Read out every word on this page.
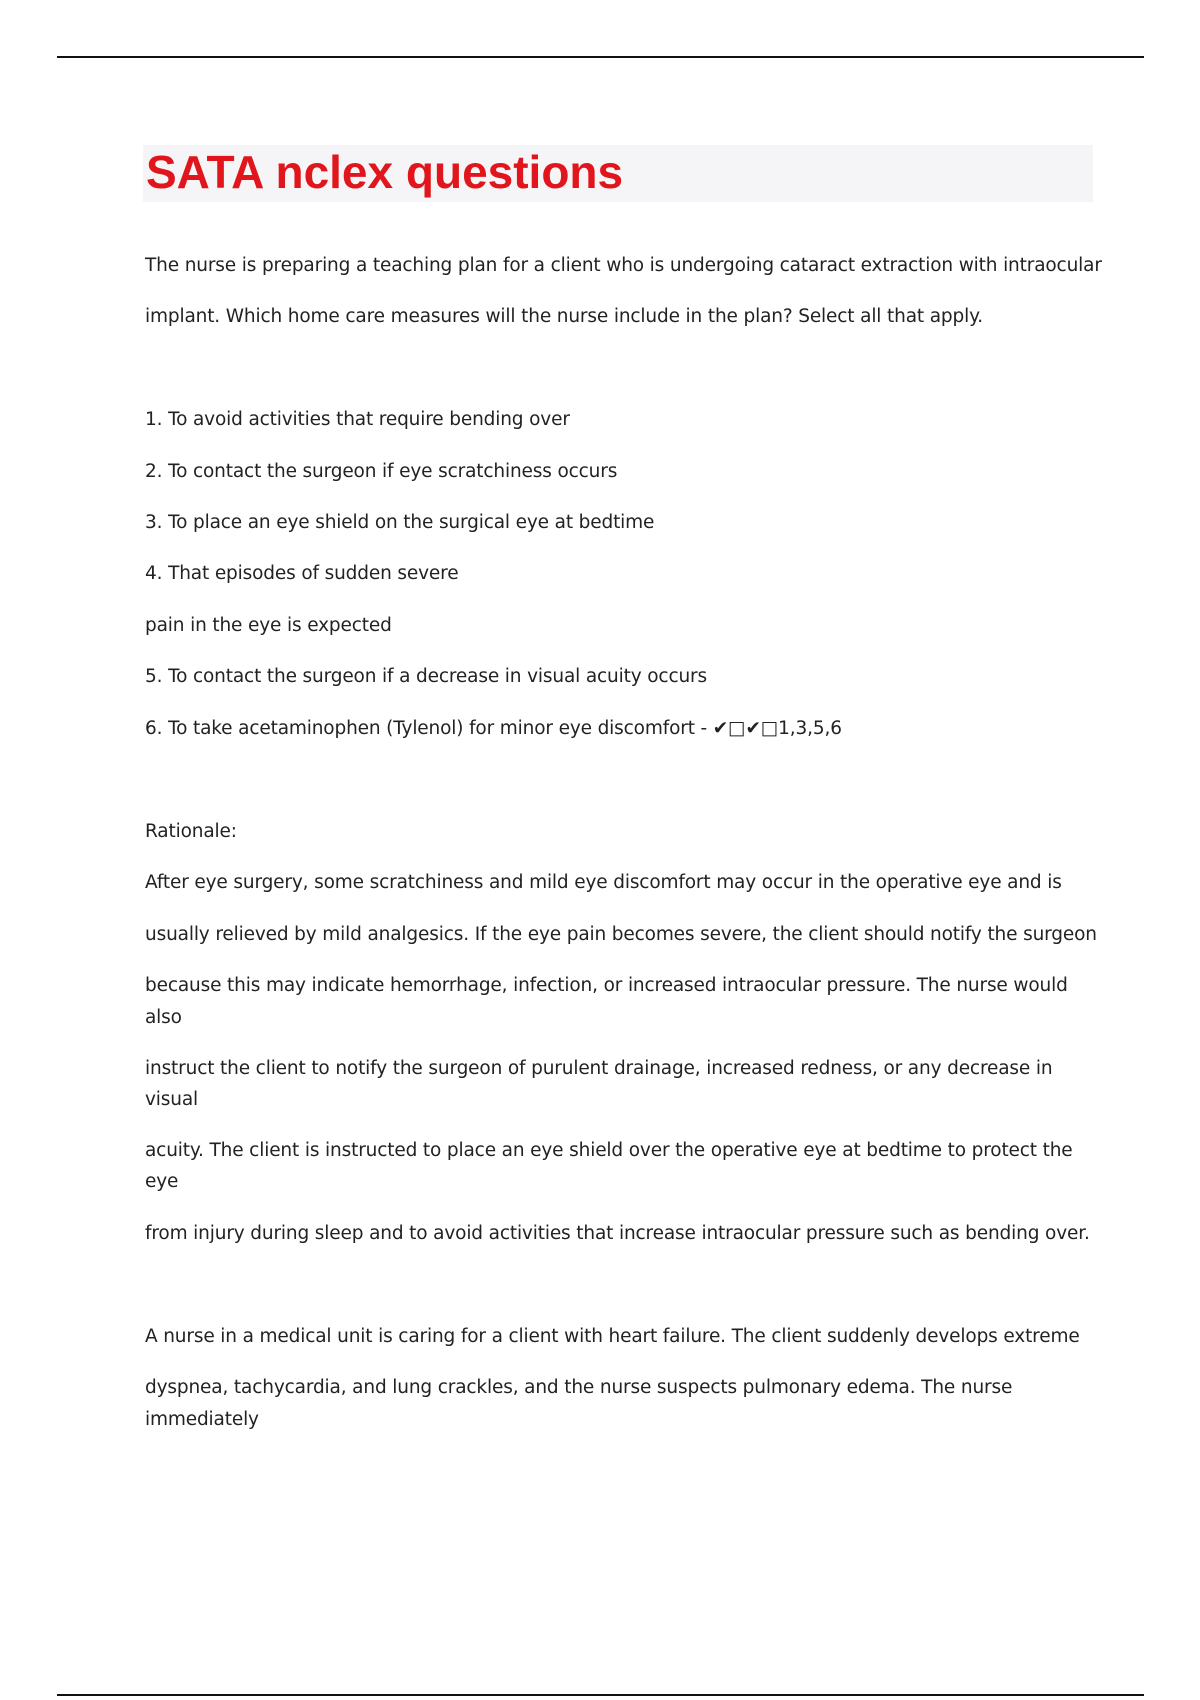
SATA nclex questions
The nurse is preparing a teaching plan for a client who is undergoing cataract extraction with intraocular
implant. Which home care measures will the nurse include in the plan? Select all that apply.
1. To avoid activities that require bending over
2. To contact the surgeon if eye scratchiness occurs
3. To place an eye shield on the surgical eye at bedtime
4. That episodes of sudden severe
pain in the eye is expected
5. To contact the surgeon if a decrease in visual acuity occurs
6. To take acetaminophen (Tylenol) for minor eye discomfort - ✔□✔□1,3,5,6
Rationale:
After eye surgery, some scratchiness and mild eye discomfort may occur in the operative eye and is
usually relieved by mild analgesics. If the eye pain becomes severe, the client should notify the surgeon
because this may indicate hemorrhage, infection, or increased intraocular pressure. The nurse would
also
instruct the client to notify the surgeon of purulent drainage, increased redness, or any decrease in
visual
acuity. The client is instructed to place an eye shield over the operative eye at bedtime to protect the
eye
from injury during sleep and to avoid activities that increase intraocular pressure such as bending over.
A nurse in a medical unit is caring for a client with heart failure. The client suddenly develops extreme
dyspnea, tachycardia, and lung crackles, and the nurse suspects pulmonary edema. The nurse
immediately
